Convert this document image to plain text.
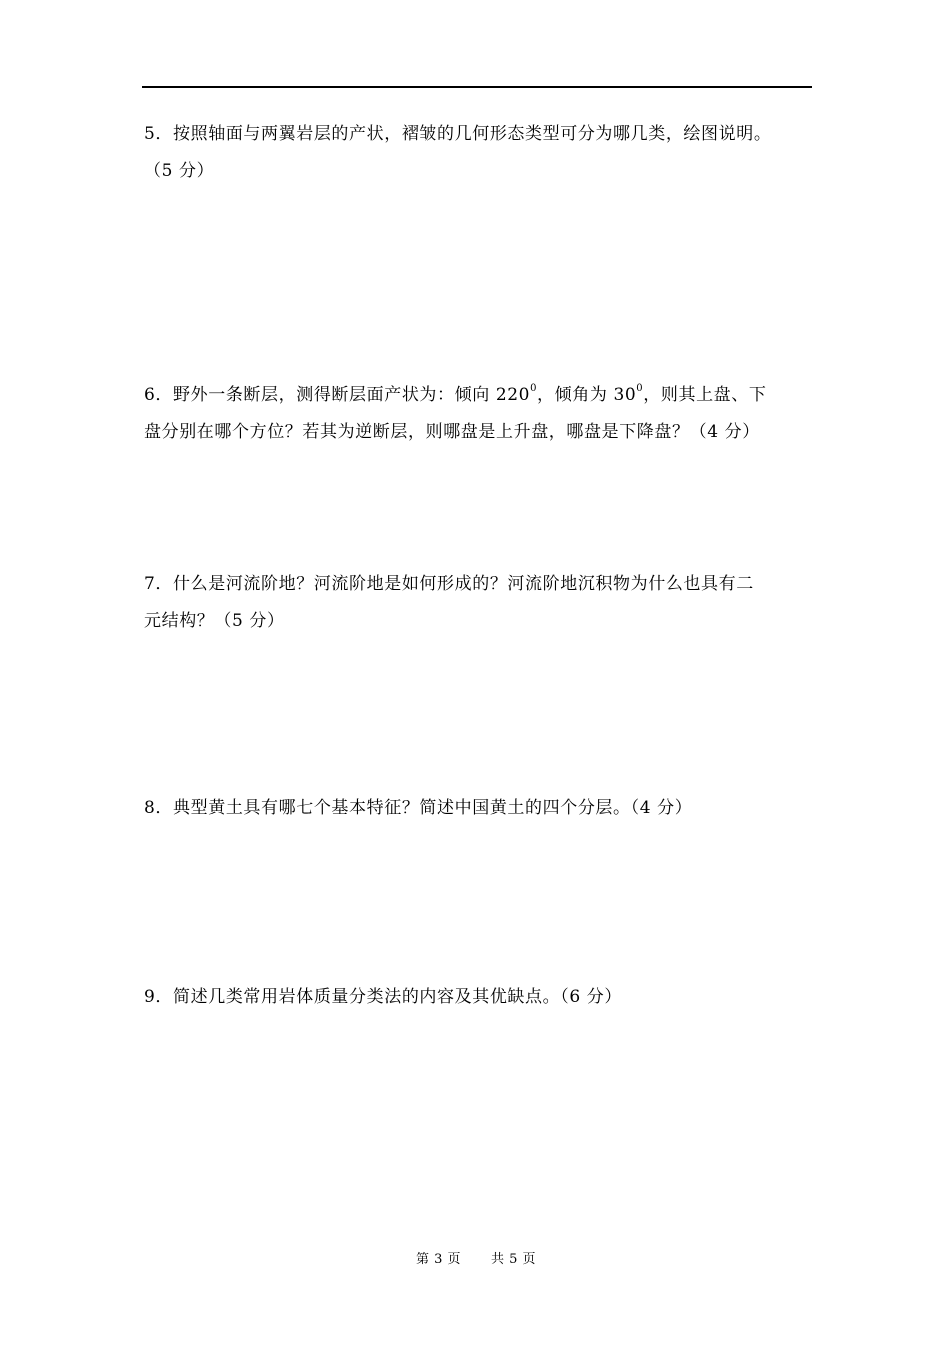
5．按照轴面与两翼岩层的产状，褶皱的几何形态类型可分为哪几类，绘图说明。
（5 分）
6．野外一条断层，测得断层面产状为：倾向 $220^0$，倾角为 $30^0$，则其上盘、下
盘分别在哪个方位？若其为逆断层，则哪盘是上升盘，哪盘是下降盘？（4 分）
7．什么是河流阶地？河流阶地是如何形成的？河流阶地沉积物为什么也具有二
元结构？（5 分）
8．典型黄土具有哪七个基本特征？简述中国黄土的四个分层。（4 分）
9．简述几类常用岩体质量分类法的内容及其优缺点。（6 分）
第 3 页 共 5 页
